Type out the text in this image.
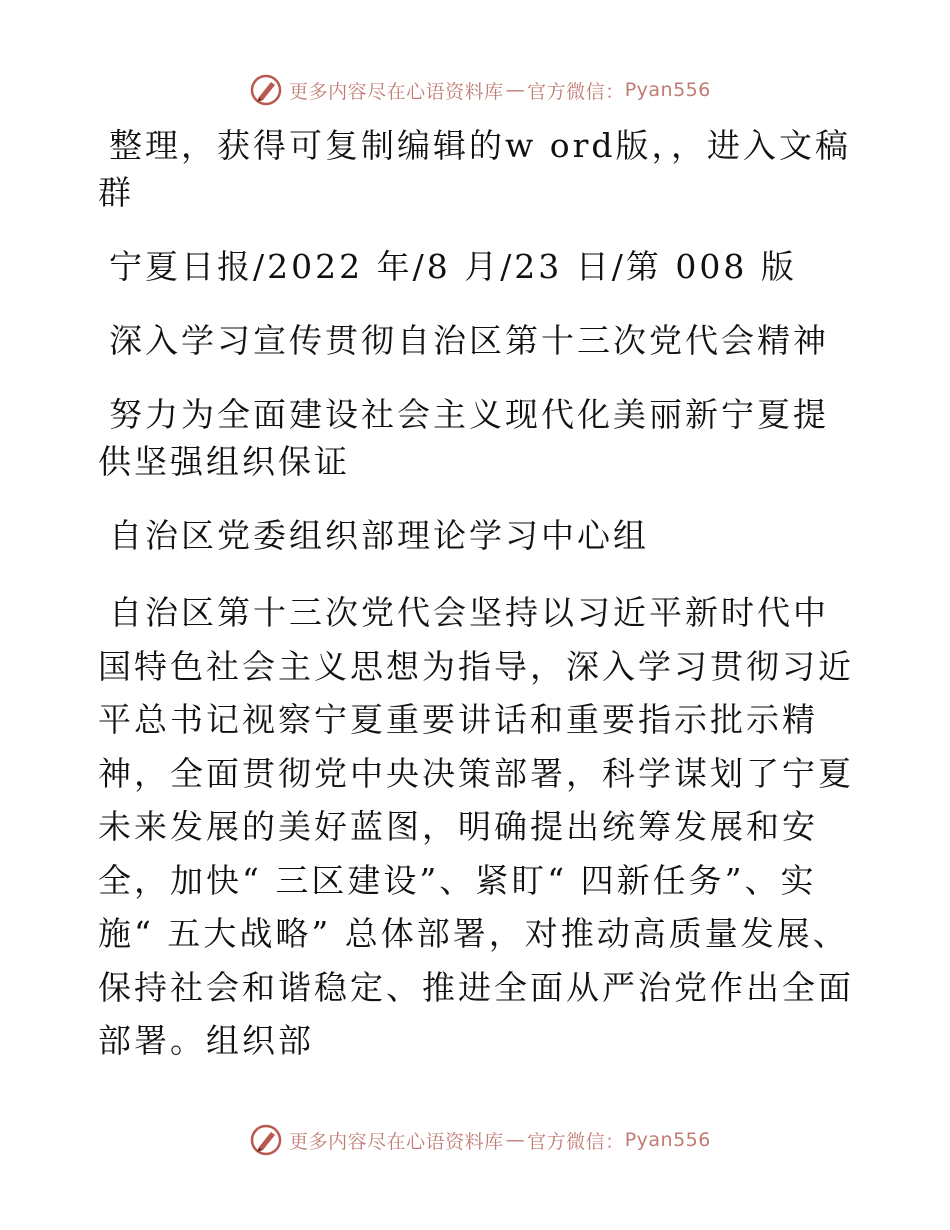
更多内容尽在心语资料库 — 官方微信： Pyan556

整理，获得可复制编辑的w ord版，，进入文稿群

宁夏日报/2022 年/8 月/23 日/第 008 版

深入学习宣传贯彻自治区第十三次党代会精神

努力为全面建设社会主义现代化美丽新宁夏提供坚强组织保证

自治区党委组织部理论学习中心组

自治区第十三次党代会坚持以习近平新时代中国特色社会主义思想为指导，深入学习贯彻习近平总书记视察宁夏重要讲话和重要指示批示精神，全面贯彻党中央决策部署，科学谋划了宁夏未来发展的美好蓝图，明确提出统筹发展和安全，加快“ 三区建设”、紧盯“ 四新任务”、实施“ 五大战略” 总体部署，对推动高质量发展、保持社会和谐稳定、推进全面从严治党作出全面部署。组织部

更多内容尽在心语资料库 — 官方微信： Pyan556
